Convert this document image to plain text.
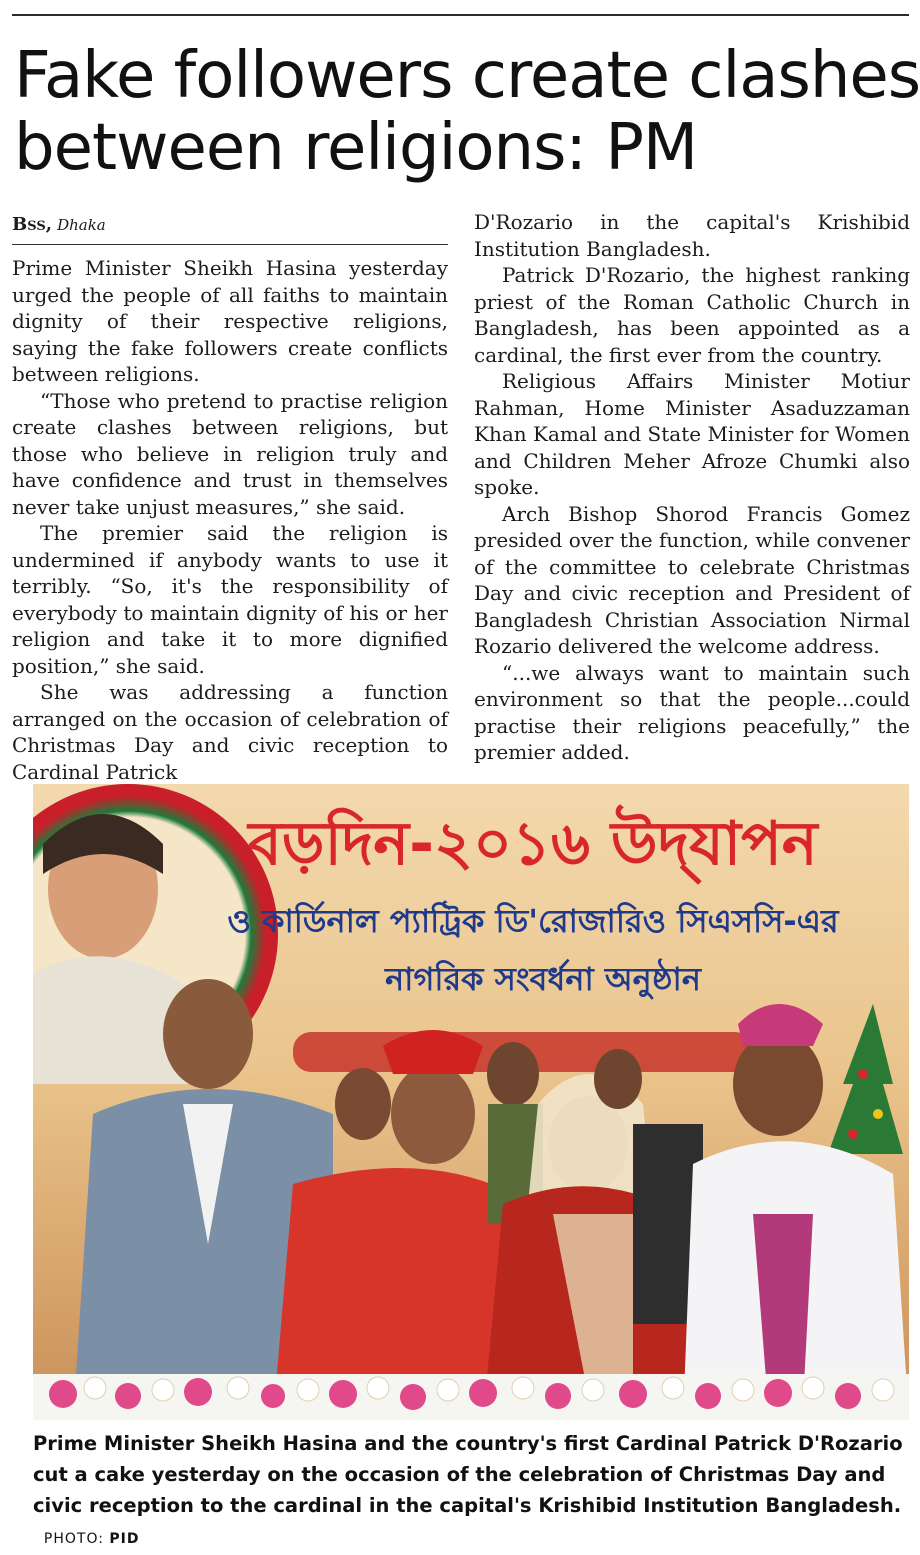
Fake followers create clashes
between religions: PM
Bss, Dhaka

Prime Minister Sheikh Hasina yesterday urged the people of all faiths to maintain dignity of their respective religions, saying the fake followers create conflicts between religions.

“Those who pretend to practise religion create clashes between religions, but those who believe in religion truly and have confidence and trust in themselves never take unjust measures,” she said.

The premier said the religion is undermined if anybody wants to use it terribly. “So, it's the responsibility of everybody to maintain dignity of his or her religion and take it to more dignified position,” she said.

She was addressing a function arranged on the occasion of celebration of Christmas Day and civic reception to Cardinal Patrick

D'Rozario in the capital's Krishibid Institution Bangladesh.

Patrick D'Rozario, the highest ranking priest of the Roman Catholic Church in Bangladesh, has been appointed as a cardinal, the first ever from the country.

Religious Affairs Minister Motiur Rahman, Home Minister Asaduzzaman Khan Kamal and State Minister for Women and Children Meher Afroze Chumki also spoke.

Arch Bishop Shorod Francis Gomez presided over the function, while convener of the committee to celebrate Christmas Day and civic reception and President of Bangladesh Christian Association Nirmal Rozario delivered the welcome address.

“...we always want to maintain such environment so that the people...could practise their religions peacefully,” the premier added.

বড়দিন-২০১৬ উদ্‌যাপন
ও কার্ডিনাল প্যাট্রিক ডি'রোজারিও সিএসসি-এর
নাগরিক সংবর্ধনা অনুষ্ঠান
Prime Minister Sheikh Hasina and the country's first Cardinal Patrick D'Rozario cut a cake yesterday on the occasion of the celebration of Christmas Day and civic reception to the cardinal in the capital's Krishibid Institution Bangladesh.   PHOTO: PID
